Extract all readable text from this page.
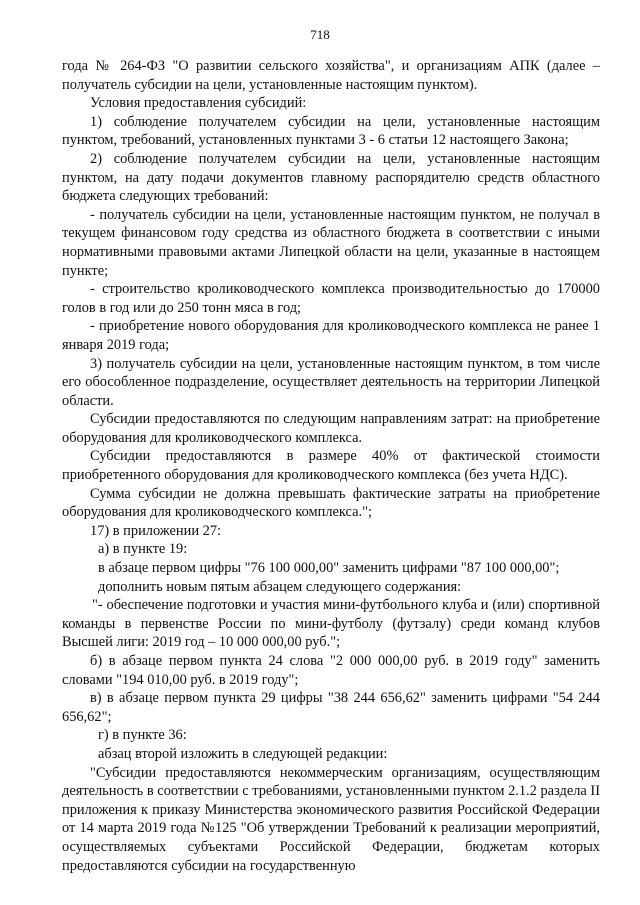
718

года № 264-ФЗ "О развитии сельского хозяйства", и организациям АПК (далее – получатель субсидии на цели, установленные настоящим пунктом).

Условия предоставления субсидий:

1) соблюдение получателем субсидии на цели, установленные настоящим пунктом, требований, установленных пунктами 3 - 6 статьи 12 настоящего Закона;

2) соблюдение получателем субсидии на цели, установленные настоящим пунктом, на дату подачи документов главному распорядителю средств областного бюджета следующих требований:

- получатель субсидии на цели, установленные настоящим пунктом, не получал в текущем финансовом году средства из областного бюджета в соответствии с иными нормативными правовыми актами Липецкой области на цели, указанные в настоящем пункте;

- строительство кролиководческого комплекса производительностью до 170000 голов в год или до 250 тонн мяса в год;

- приобретение нового оборудования для кролиководческого комплекса не ранее 1 января 2019 года;

3) получатель субсидии на цели, установленные настоящим пунктом, в том числе его обособленное подразделение, осуществляет деятельность на территории Липецкой области.

Субсидии предоставляются по следующим направлениям затрат: на приобретение оборудования для кролиководческого комплекса.

Субсидии предоставляются в размере 40% от фактической стоимости приобретенного оборудования для кролиководческого комплекса (без учета НДС).

Сумма субсидии не должна превышать фактические затраты на приобретение оборудования для кролиководческого комплекса.";

17) в приложении 27:

а) в пункте 19:

в абзаце первом цифры "76 100 000,00" заменить цифрами "87 100 000,00";

дополнить новым пятым абзацем следующего содержания:

"- обеспечение подготовки и участия мини-футбольного клуба и (или) спортивной команды в первенстве России по мини-футболу (футзалу) среди команд клубов Высшей лиги: 2019 год – 10 000 000,00 руб.";

б) в абзаце первом пункта 24 слова "2 000 000,00 руб. в 2019 году" заменить словами "194 010,00 руб. в 2019 году";

в) в абзаце первом пункта 29 цифры "38 244 656,62" заменить цифрами "54 244 656,62";

г) в пункте 36:

абзац второй изложить в следующей редакции:

"Субсидии предоставляются некоммерческим организациям, осуществляющим деятельность в соответствии с требованиями, установленными пунктом 2.1.2 раздела II приложения к приказу Министерства экономического развития Российской Федерации от 14 марта 2019 года №125 "Об утверждении Требований к реализации мероприятий, осуществляемых субъектами Российской Федерации, бюджетам которых предоставляются субсидии на государственную
